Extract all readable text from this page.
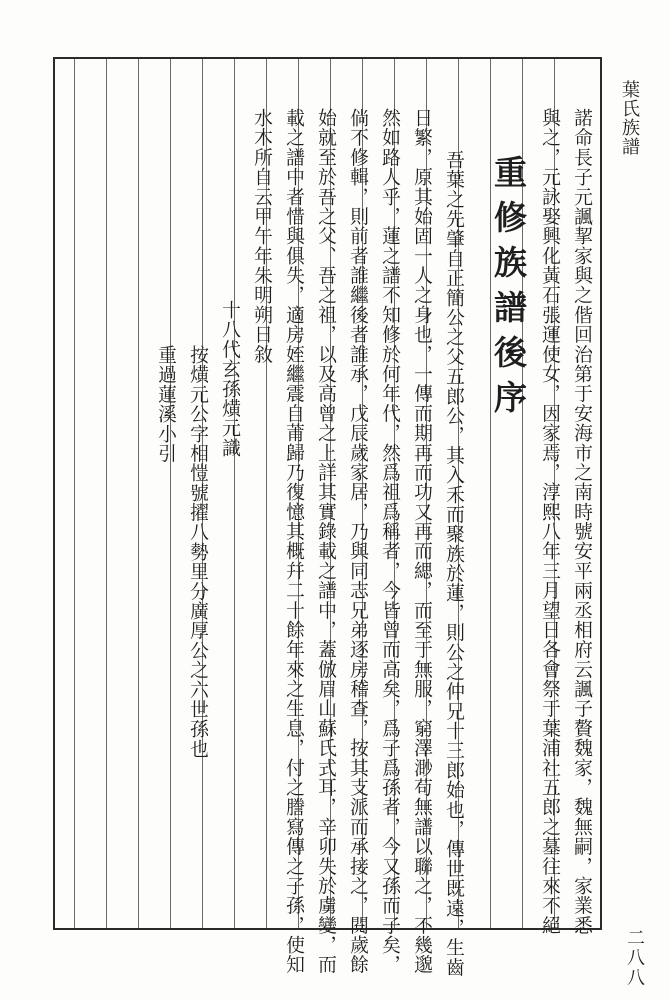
葉氏族譜
諾命長子元諷挈家與之偕回治第于安海市之南時號安平兩丞相府云諷子贅魏家，魏無嗣，家業悉
與之，元詠娶興化黃石張運使女，因家焉，淳熙八年三月望日各會祭于葉浦社五郎之墓往來不絕
重修族譜後序
吾葉之先肇自正簡公之父五郎公，其入禾而聚族於蓮，則公之仲兄十三郎始也，傳世既遠，生齒
日繁，原其始固一人之身也，一傳而期再而功又再而緦，而至于無服，窮澤渺苟無譜以聯之，不幾邈
然如路人乎，蓮之譜不知修於何年代，然爲祖爲稱者，今皆曾而高矣，爲子爲孫者，今又孫而子矣，
倘不修輯，則前者誰繼後者誰承，戊辰歲家居，乃與同志兄弟逐房稽查，按其支派而承接之，閱歲餘
始就至於吾之父、吾之祖，以及高曾之上詳其實錄載之譜中，蓋倣眉山蘇氏式耳，辛卯失於虜變，而
載之譜中者惜與俱失，適房姪繼震自莆歸乃復憶其概幷二十餘年來之生息，付之謄寫傳之子孫，使知
水木所自云甲午年朱明朔日敘
十八代玄孫熿元識
按熿元公字相愷號擢八勢里分廣厚公之六世孫也
重過蓮溪小引
二八八
